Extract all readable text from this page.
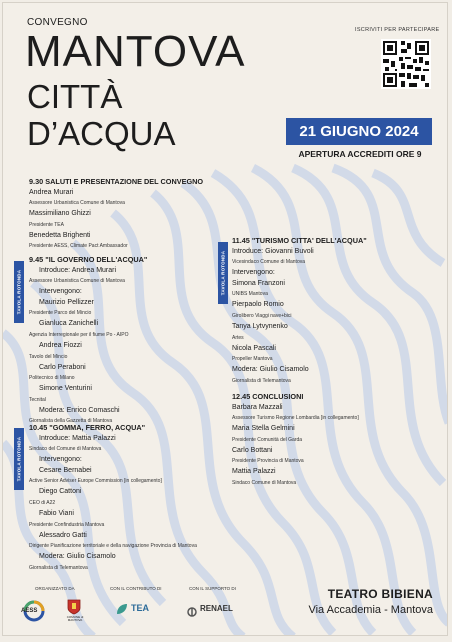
CONVEGNO
MANTOVA
CITTÀ
D’ACQUA
ISCRIVITI PER PARTECIPARE
21 GIUGNO 2024
APERTURA ACCREDITI ORE 9
9.30 SALUTI E PRESENTAZIONE DEL CONVEGNO
Andrea Murari
Assessore Urbanistica Comune di Mantova
Massimiliano Ghizzi
Presidente TEA
Benedetta Brighenti
Presidente AESS, Climate Pact Ambassador
TAVOLA ROTONDA
9.45 "IL GOVERNO DELL'ACQUA"
Introduce: Andrea Murari
Assessore Urbanistica Comune di Mantova
Intervengono:
Maurizio Pellizzer
Presidente Parco del Mincio
Gianluca Zanichelli
Agenzia Interregionale per il fiume Po - AIPO
Andrea Fiozzi
Tavolo del Mincio
Carlo Peraboni
Politecnico di Milano
Simone Venturini
Tecnital
Modera: Enrico Comaschi
Giornalista della Gazzetta di Mantova
TAVOLA ROTONDA
10.45 "GOMMA, FERRO, ACQUA"
Introduce: Mattia Palazzi
Sindaco del Comune di Mantova
Intervengono:
Cesare Bernabei
Active Senior Adviser Europe Commission [in collegamento]
Diego Cattoni
CEO di A22
Fabio Viani
Presidente Confindustria Mantova
Alessadro Gatti
Dirigente Pianificazione territoriale e della navigazione Provincia di Mantova
Modera: Giulio Cisamolo
Giornalista di Telemantova
TAVOLA ROTONDA
11.45 "TURISMO CITTA' DELL'ACQUA"
Introduce: Giovanni Buvoli
Vicesindaco Comune di Mantova
Intervengono:
Simona Franzoni
UNIBS Mantova
Pierpaolo Romio
Girolibero Viaggi nave+bici
Tanya Lytvynenko
Artes
Nicola Pascali
Propeller Mantova
Modera: Giulio Cisamolo
Giornalista di Telemantova
12.45 CONCLUSIONI
Barbara Mazzali
Assessore Turismo Regione Lombardia [in collegamento]
Maria Stella Gelmini
Presidente Comunità del Garda
Carlo Bottani
Presidente Provincia di Mantova
Mattia Palazzi
Sindaco Comune di Mantova
ORGANIZZATO DA	CON IL CONTRIBUTO DI	CON IL SUPPORTO DI
AESS
COMUNE di MANTOVA
TEA	RENAEL
TEATRO BIBIENA
Via Accademia - Mantova
